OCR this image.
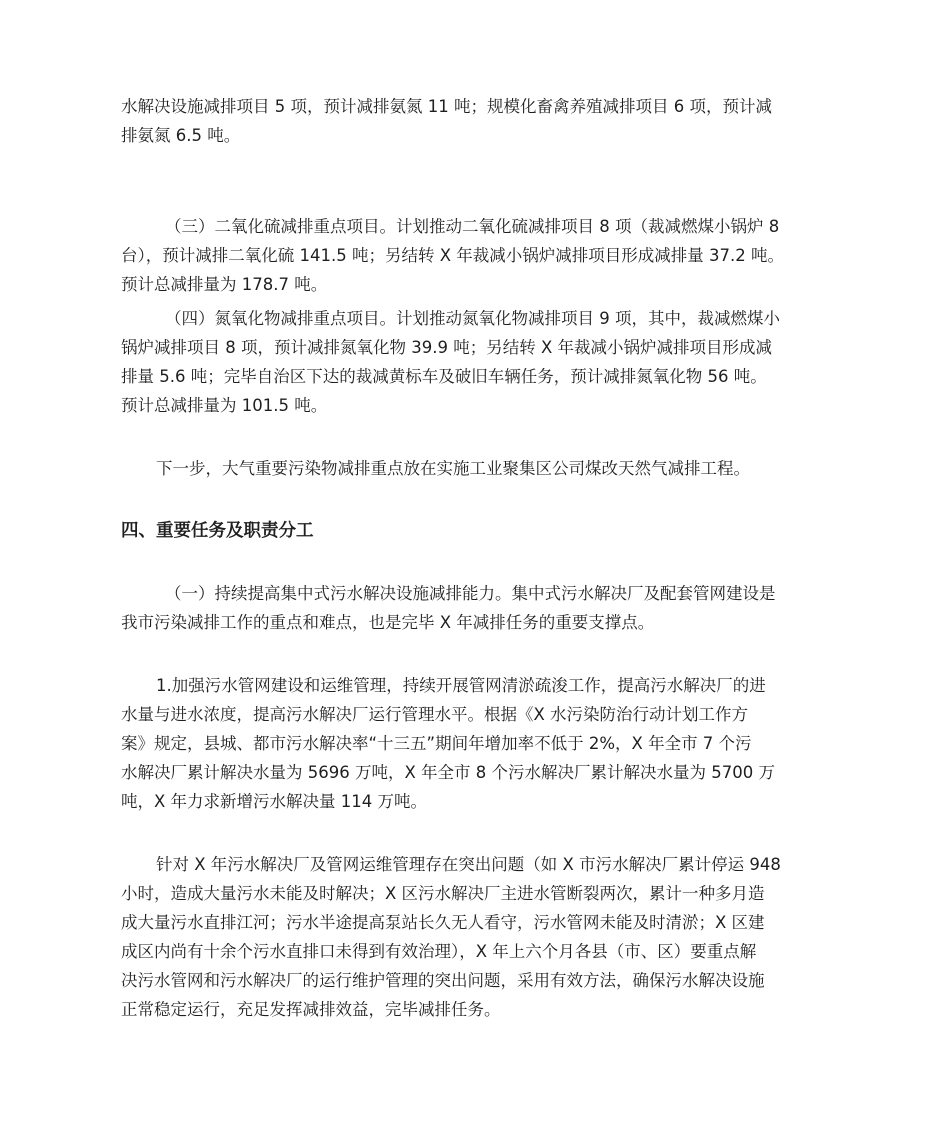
水解决设施减排项目 5 项，预计减排氨氮 11 吨；规模化畜禽养殖减排项目 6 项，预计减
排氨氮 6.5 吨。

（三）二氧化硫减排重点项目。计划推动二氧化硫减排项目 8 项（裁减燃煤小锅炉 8
台），预计减排二氧化硫 141.5 吨；另结转 X 年裁减小锅炉减排项目形成减排量 37.2 吨。
预计总减排量为 178.7 吨。

（四）氮氧化物减排重点项目。计划推动氮氧化物减排项目 9 项，其中，裁减燃煤小
锅炉减排项目 8 项，预计减排氮氧化物 39.9 吨；另结转 X 年裁减小锅炉减排项目形成减
排量 5.6 吨；完毕自治区下达的裁减黄标车及破旧车辆任务，预计减排氮氧化物 56 吨。
预计总减排量为 101.5 吨。

下一步，大气重要污染物减排重点放在实施工业聚集区公司煤改天然气减排工程。

四、重要任务及职责分工

（一）持续提高集中式污水解决设施减排能力。集中式污水解决厂及配套管网建设是
我市污染减排工作的重点和难点，也是完毕 X 年减排任务的重要支撑点。

1.加强污水管网建设和运维管理，持续开展管网清淤疏浚工作，提高污水解决厂的进
水量与进水浓度，提高污水解决厂运行管理水平。根据《X 水污染防治行动计划工作方
案》规定，县城、都市污水解决率“十三五”期间年增加率不低于 2%，X 年全市 7 个污
水解决厂累计解决水量为 5696 万吨，X 年全市 8 个污水解决厂累计解决水量为 5700 万
吨，X 年力求新增污水解决量 114 万吨。

针对 X 年污水解决厂及管网运维管理存在突出问题（如 X 市污水解决厂累计停运 948
小时，造成大量污水未能及时解决；X 区污水解决厂主进水管断裂两次，累计一种多月造
成大量污水直排江河；污水半途提高泵站长久无人看守，污水管网未能及时清淤；X 区建
成区内尚有十余个污水直排口未得到有效治理），X 年上六个月各县（市、区）要重点解
决污水管网和污水解决厂的运行维护管理的突出问题，采用有效方法，确保污水解决设施
正常稳定运行，充足发挥减排效益，完毕减排任务。
